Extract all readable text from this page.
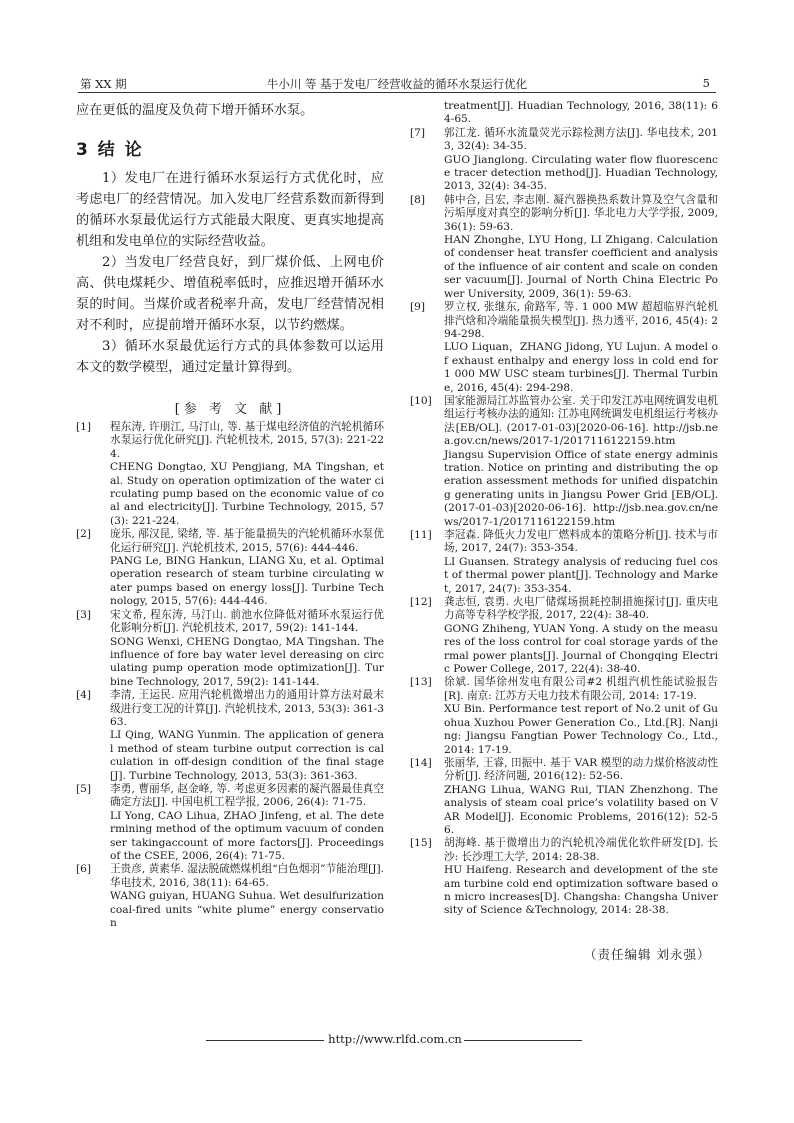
第 XX 期	牛小川 等 基于发电厂经营收益的循环水泵运行优化	5

应在更低的温度及负荷下增开循环水泵。

3 结 论

1）发电厂在进行循环水泵运行方式优化时，应考虑电厂的经营情况。加入发电厂经营系数而新得到的循环水泵最优运行方式能最大限度、更真实地提高机组和发电单位的实际经营收益。

2）当发电厂经营良好，到厂煤价低、上网电价高、供电煤耗少、增值税率低时，应推迟增开循环水泵的时间。当煤价或者税率升高，发电厂经营情况相对不利时，应提前增开循环水泵，以节约燃煤。

3）循环水泵最优运行方式的具体参数可以运用本文的数学模型，通过定量计算得到。

[参 考 文 献]
[1]	程东涛, 许朋江, 马汀山, 等. 基于煤电经济值的汽轮机循环水泵运行优化研究[J]. 汽轮机技术, 2015, 57(3): 221-224.
CHENG Dongtao, XU Pengjiang, MA Tingshan, et al. Study on operation optimization of the water circulating pump based on the economic value of coal and electricity[J]. Turbine Technology, 2015, 57(3): 221-224.
[2]	庞乐, 邴汉昆, 梁绪, 等. 基于能量损失的汽轮机循环水泵优化运行研究[J]. 汽轮机技术, 2015, 57(6): 444-446.
PANG Le, BING Hankun, LIANG Xu, et al. Optimal operation research of steam turbine circulating water pumps based on energy loss[J]. Turbine Technology, 2015, 57(6): 444-446.
[3]	宋文希, 程东涛, 马汀山. 前池水位降低对循环水泵运行优化影响分析[J]. 汽轮机技术, 2017, 59(2): 141-144.
SONG Wenxi, CHENG Dongtao, MA Tingshan. The influence of fore bay water level dereasing on circulating pump operation mode optimization[J]. Turbine Technology, 2017, 59(2): 141-144.
[4]	李清, 王运民. 应用汽轮机微增出力的通用计算方法对最末级进行变工况的计算[J]. 汽轮机技术, 2013, 53(3): 361-363.
LI Qing, WANG Yunmin. The application of general method of steam turbine output correction is calculation in off-design condition of the final stage[J]. Turbine Technology, 2013, 53(3): 361-363.
[5]	李勇, 曹丽华, 赵金峰, 等. 考虑更多因素的凝汽器最佳真空确定方法[J]. 中国电机工程学报, 2006, 26(4): 71-75.
LI Yong, CAO Lihua, ZHAO Jinfeng, et al. The determining method of the optimum vacuum of condenser takingaccount of more factors[J]. Proceedings of the CSEE, 2006, 26(4): 71-75.
[6]	王贵彦, 黄素华. 湿法脱硫燃煤机组“白色烟羽”节能治理[J]. 华电技术, 2016, 38(11): 64-65.
WANG guiyan, HUANG Suhua. Wet desulfurization coal-fired units “white plume” energy conservation
treatment[J]. Huadian Technology, 2016, 38(11): 64-65.
[7]	郭江龙. 循环水流量荧光示踪检测方法[J]. 华电技术, 2013, 32(4): 34-35.
GUO Jianglong. Circulating water flow fluorescence tracer detection method[J]. Huadian Technology, 2013, 32(4): 34-35.
[8]	韩中合, 吕宏, 李志刚. 凝汽器换热系数计算及空气含量和污垢厚度对真空的影响分析[J]. 华北电力大学学报, 2009, 36(1): 59-63.
HAN Zhonghe, LYU Hong, LI Zhigang. Calculation of condenser heat transfer coefficient and analysis of the influence of air content and scale on condenser vacuum[J]. Journal of North China Electric Power University, 2009, 36(1): 59-63.
[9]	罗立权, 张继东, 俞路军, 等. 1 000 MW 超超临界汽轮机排汽焓和冷端能量损失模型[J]. 热力透平, 2016, 45(4): 294-298.
LUO Liquan，ZHANG Jidong, YU Lujun. A model of exhaust enthalpy and energy loss in cold end for 1 000 MW USC steam turbines[J]. Thermal Turbine, 2016, 45(4): 294-298.
[10]	国家能源局江苏监管办公室. 关于印发江苏电网统调发电机组运行考核办法的通知: 江苏电网统调发电机组运行考核办法[EB/OL]. (2017-01-03)[2020-06-16]. http://jsb.nea.gov.cn/news/2017-1/2017116122159.htm
Jiangsu Supervision Office of state energy administration. Notice on printing and distributing the operation assessment methods for unified dispatching generating units in Jiangsu Power Grid [EB/OL]. (2017-01-03)[2020-06-16]. http://jsb.nea.gov.cn/news/2017-1/2017116122159.htm
[11]	李冠森. 降低火力发电厂燃料成本的策略分析[J]. 技术与市场, 2017, 24(7): 353-354.
LI Guansen. Strategy analysis of reducing fuel cost of thermal power plant[J]. Technology and Market, 2017, 24(7): 353-354.
[12]	龚志恒, 袁勇. 火电厂储煤场损耗控制措施探讨[J]. 重庆电力高等专科学校学报, 2017, 22(4): 38-40.
GONG Zhiheng, YUAN Yong. A study on the measures of the loss control for coal storage yards of thermal power plants[J]. Journal of Chongqing Electric Power College, 2017, 22(4): 38-40.
[13]	徐斌. 国华徐州发电有限公司#2 机组汽机性能试验报告[R]. 南京: 江苏方天电力技术有限公司, 2014: 17-19.
XU Bin. Performance test report of No.2 unit of Guohua Xuzhou Power Generation Co., Ltd.[R]. Nanjing: Jiangsu Fangtian Power Technology Co., Ltd., 2014: 17-19.
[14]	张丽华, 王睿, 田振中. 基于 VAR 模型的动力煤价格波动性分析[J]. 经济问题, 2016(12): 52-56.
ZHANG Lihua, WANG Rui, TIAN Zhenzhong. The analysis of steam coal price’s volatility based on VAR Model[J]. Economic Problems, 2016(12): 52-56.
[15]	胡海峰. 基于微增出力的汽轮机冷端优化软件研发[D]. 长沙: 长沙理工大学, 2014: 28-38.
HU Haifeng. Research and development of the steam turbine cold end optimization software based on micro increases[D]. Changsha: Changsha University of Science &Technology, 2014: 28-38.
（责任编辑 刘永强）
http://www.rlfd.com.cn
